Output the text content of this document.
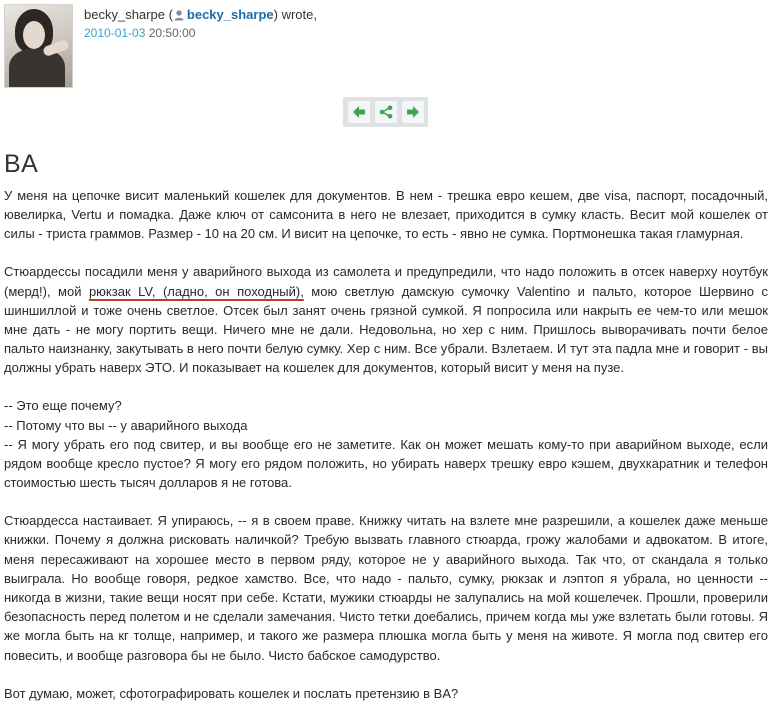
becky_sharpe ( becky_sharpe) wrote,
2010-01-03 20:50:00
BA

У меня на цепочке висит маленький кошелек для документов. В нем - трешка евро кешем, две visa, паспорт, посадочный, ювелирка, Vertu и помадка. Даже ключ от самсонита в него не влезает, приходится в сумку класть. Весит мой кошелек от силы - триста граммов. Размер - 10 на 20 см. И висит на цепочке, то есть - явно не сумка. Портмонешка такая гламурная.

Стюардессы посадили меня у аварийного выхода из самолета и предупредили, что надо положить в отсек наверху ноутбук (мерд!), мой рюкзак LV, (ладно, он походный), мою светлую дамскую сумочку Valentino и пальто, которое Шервино с шиншиллой и тоже очень светлое. Отсек был занят очень грязной сумкой. Я попросила или накрыть ее чем-то или мешок мне дать - не могу портить вещи. Ничего мне не дали. Недовольна, но хер с ним. Пришлось выворачивать почти белое пальто наизнанку, закутывать в него почти белую сумку. Хер с ним. Все убрали. Взлетаем. И тут эта падла мне и говорит - вы должны убрать наверх ЭТО. И показывает на кошелек для документов, который висит у меня на пузе.

-- Это еще почему?
-- Потому что вы -- у аварийного выхода
-- Я могу убрать его под свитер, и вы вообще его не заметите. Как он может мешать кому-то при аварийном выходе, если рядом вообще кресло пустое? Я могу его рядом положить, но убирать наверх трешку евро кэшем, двухкаратник и телефон стоимостью шесть тысяч долларов я не готова.

Стюардесса настаивает. Я упираюсь, -- я в своем праве. Книжку читать на взлете мне разрешили, а кошелек даже меньше книжки. Почему я должна рисковать наличкой? Требую вызвать главного стюарда, грожу жалобами и адвокатом. В итоге, меня пересаживают на хорошее место в первом ряду, которое не у аварийного выхода. Так что, от скандала я только выиграла. Но вообще говоря, редкое хамство. Все, что надо - пальто, сумку, рюкзак и лэптоп я убрала, но ценности -- никогда в жизни, такие вещи носят при себе. Кстати, мужики стюарды не залупались на мой кошелечек. Прошли, проверили безопасность перед полетом и не сделали замечания. Чисто тетки доебались, причем когда мы уже взлетать были готовы. Я же могла быть на кг толще, например, и такого же размера плюшка могла быть у меня на животе. Я могла под свитер его повесить, и вообще разговора бы не было. Чисто бабское самодурство.

Вот думаю, может, сфотографировать кошелек и послать претензию в BA?
